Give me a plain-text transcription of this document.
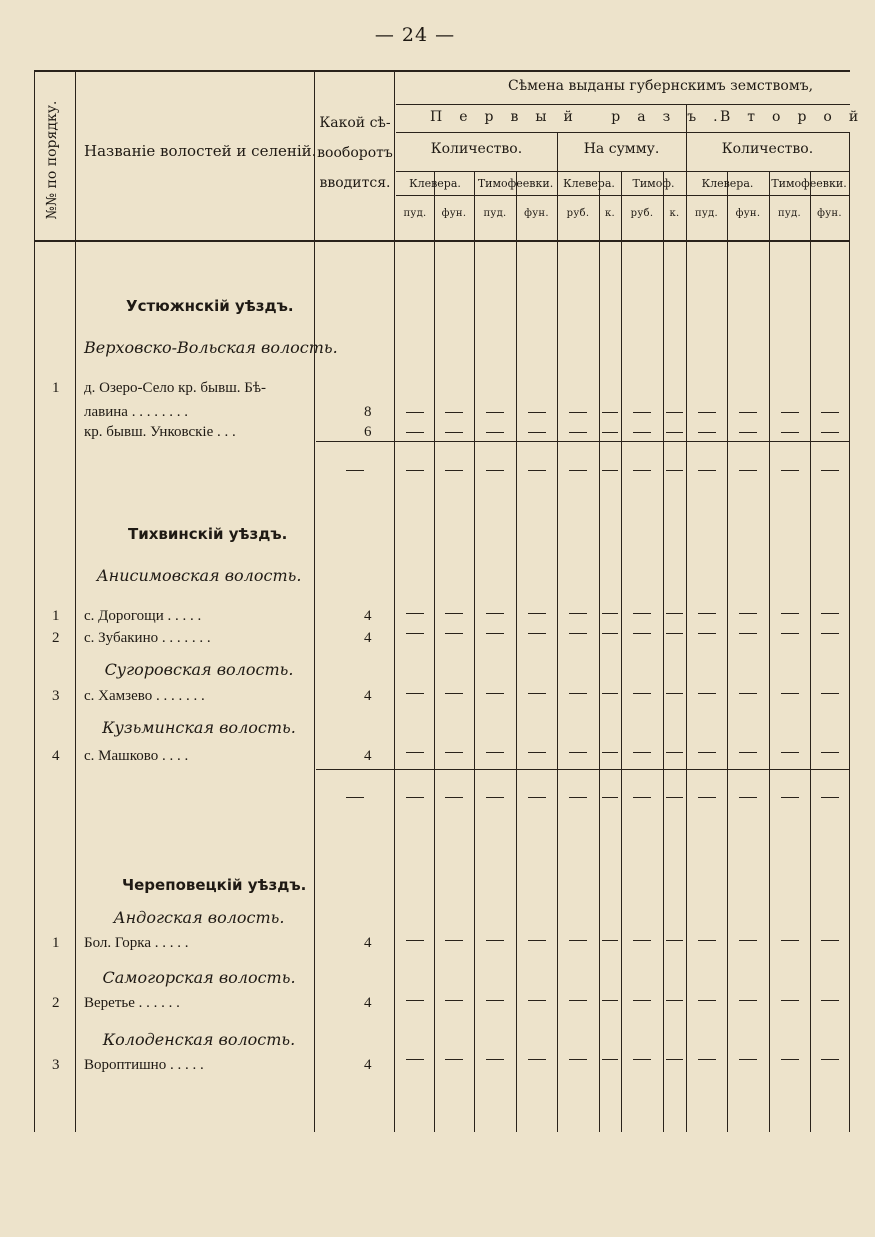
— 24 —
№№ по порядку. Названіе волостей и селеній.
Какой сѣ-
вооборотъ
вводится.
Сѣмена выданы губернскимъ земствомъ,
Первый разъ.
Второй
Количество.	На сумму.	Количество.
Клевера.	Тимофеевки. Клевера.	Тимоф.	Клевера.	Тимофеевки.
пуд.	фун.	пуд.	фун.	руб.	к.	руб.	к.	пуд.	фун.	пуд.	фун.
Устюжнскій уѣздъ.
Верховско-Вольская волость.
1 д. Озеро-Село кр. бывш. Бѣ-
лавина . . . . . . . .	8
кр. бывш. Унковскіе . . .	6
Тихвинскій уѣздъ.
Анисимовская волость.
1 с. Дорогощи . . . . .	4
2 с. Зубакино . . . . . . .	4
Сугоровская волость.
3 с. Хамзево . . . . . . .	4
Кузьминская волость.
4 с. Машково . . . .	4
Череповецкій уѣздъ.
Андогская волость.
1 Бол. Горка . . . . .	4
Самогорская волость.
2 Веретье . . . . . .	4
Колоденская волость.
3 Вороптишно . . . . .	4
